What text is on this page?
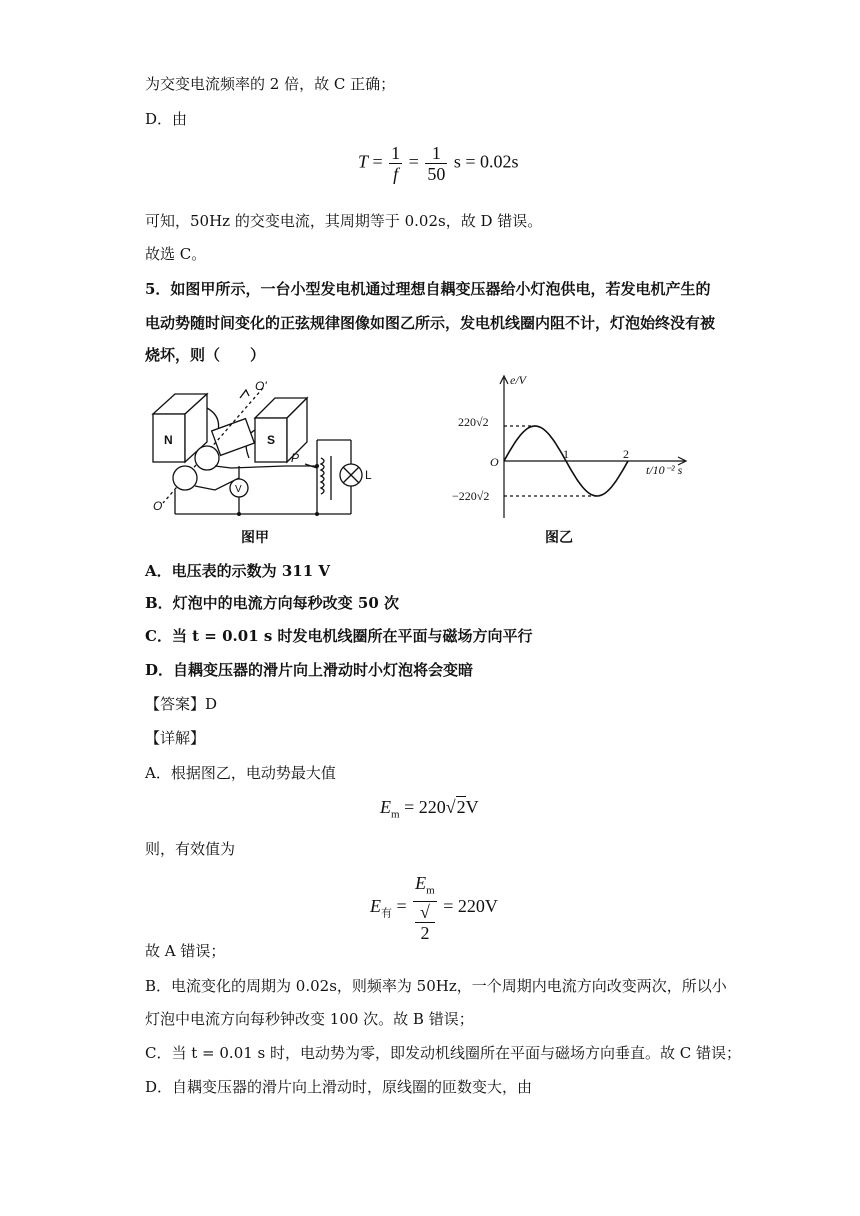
为交变电流频率的 2 倍，故 C 正确；
D．由
$T = \frac{1}{f} = \frac{1}{50}$ s = 0.02s
可知，50Hz 的交变电流，其周期等于 0.02s，故 D 错误。
故选 C。
5．如图甲所示，一台小型发电机通过理想自耦变压器给小灯泡供电，若发电机产生的
电动势随时间变化的正弦规律图像如图乙所示，发电机线圈内阻不计，灯泡始终没有被
烧坏，则（　　）
N	S
V
P
L
O
O'
图甲
e/V
220√2
−220√2
O
1	2
t/10⁻² s
图乙
A．电压表的示数为 311 V
B．灯泡中的电流方向每秒改变 50 次
C．当 t = 0.01 s 时发电机线圈所在平面与磁场方向平行
D．自耦变压器的滑片向上滑动时小灯泡将会变暗
【答案】D
【详解】
A．根据图乙，电动势最大值
$E_m = 220√2V$
则，有效值为
$E_有 = E_m$
√
2 = 220V
故 A 错误；
B．电流变化的周期为 0.02s，则频率为 50Hz，一个周期内电流方向改变两次，所以小
灯泡中电流方向每秒钟改变 100 次。故 B 错误；
C．当 t = 0.01 s 时，电动势为零，即发动机线圈所在平面与磁场方向垂直。故 C 错误；
D．自耦变压器的滑片向上滑动时，原线圈的匝数变大，由
